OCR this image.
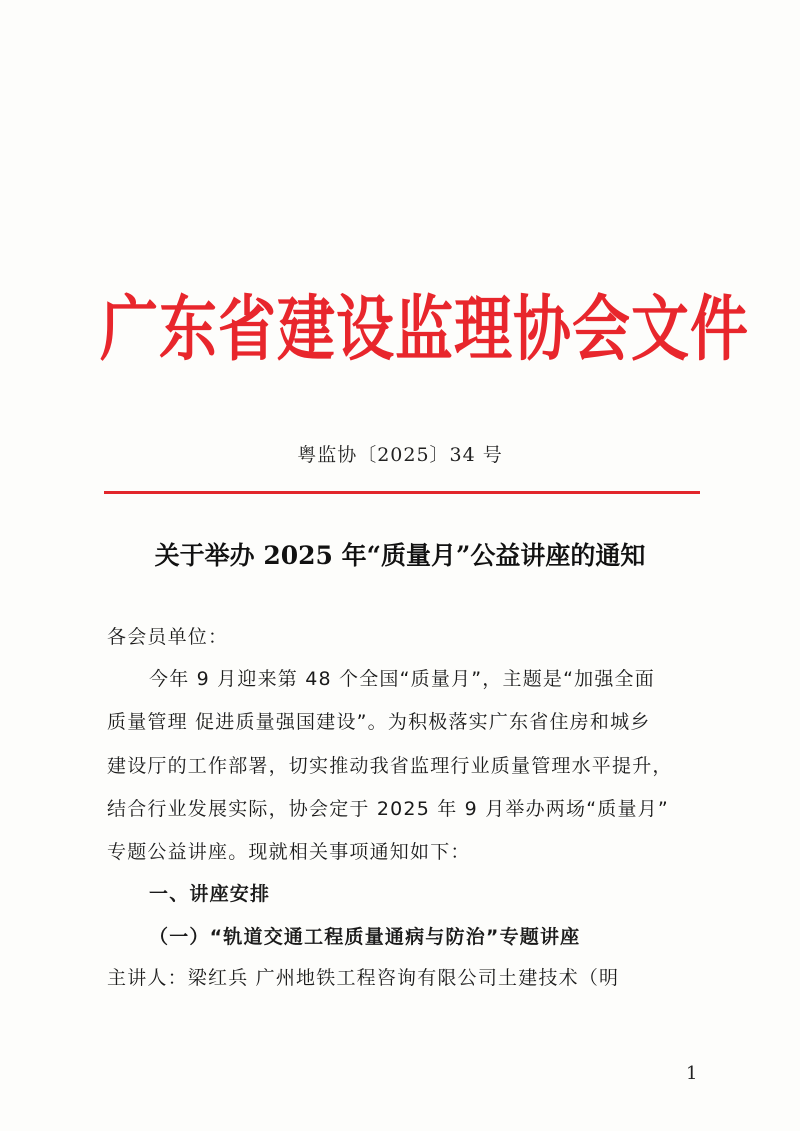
广东省建设监理协会文件
粤监协〔2025〕34 号
关于举办 2025 年“质量月”公益讲座的通知
各会员单位：
今年 9 月迎来第 48 个全国“质量月”，主题是“加强全面
质量管理 促进质量强国建设”。为积极落实广东省住房和城乡
建设厅的工作部署，切实推动我省监理行业质量管理水平提升，
结合行业发展实际，协会定于 2025 年 9 月举办两场“质量月”
专题公益讲座。现就相关事项通知如下：
一、讲座安排
（一）“轨道交通工程质量通病与防治”专题讲座
主讲人：梁红兵 广州地铁工程咨询有限公司土建技术（明
1
